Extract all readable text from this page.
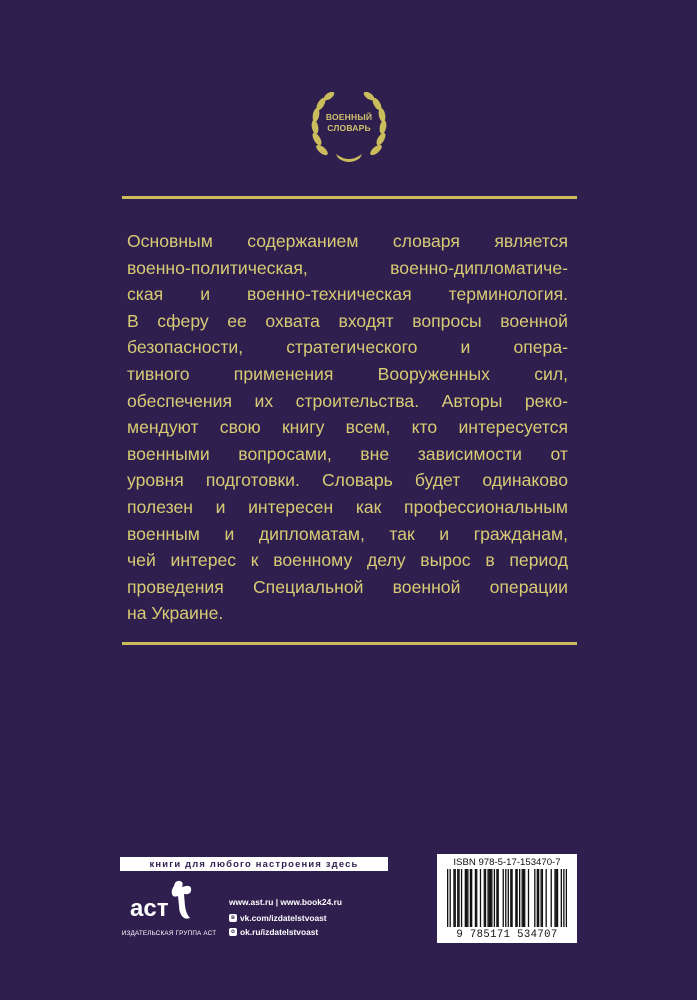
ВОЕННЫЙ
СЛОВАРЬ
Основным содержанием словаря является
военно-политическая, военно-дипломатиче-
ская и военно-техническая терминология.
В сферу ее охвата входят вопросы военной
безопасности, стратегического и опера-
тивного применения Вооруженных сил,
обеспечения их строительства. Авторы реко-
мендуют свою книгу всем, кто интересуется
военными вопросами, вне зависимости от
уровня подготовки. Словарь будет одинаково
полезен и интересен как профессиональным
военным и дипломатам, так и гражданам,
чей интерес к военному делу вырос в период
проведения Специальной военной операции
на Украине.
книги для любого настроения здесь
аст
ИЗДАТЕЛЬСКАЯ ГРУППА АСТ
www.ast.ru | www.book24.ru
в vk.com/izdatelstvoast
о ok.ru/izdatelstvoast
ISBN 978-5-17-153470-7
9 785171 534707
